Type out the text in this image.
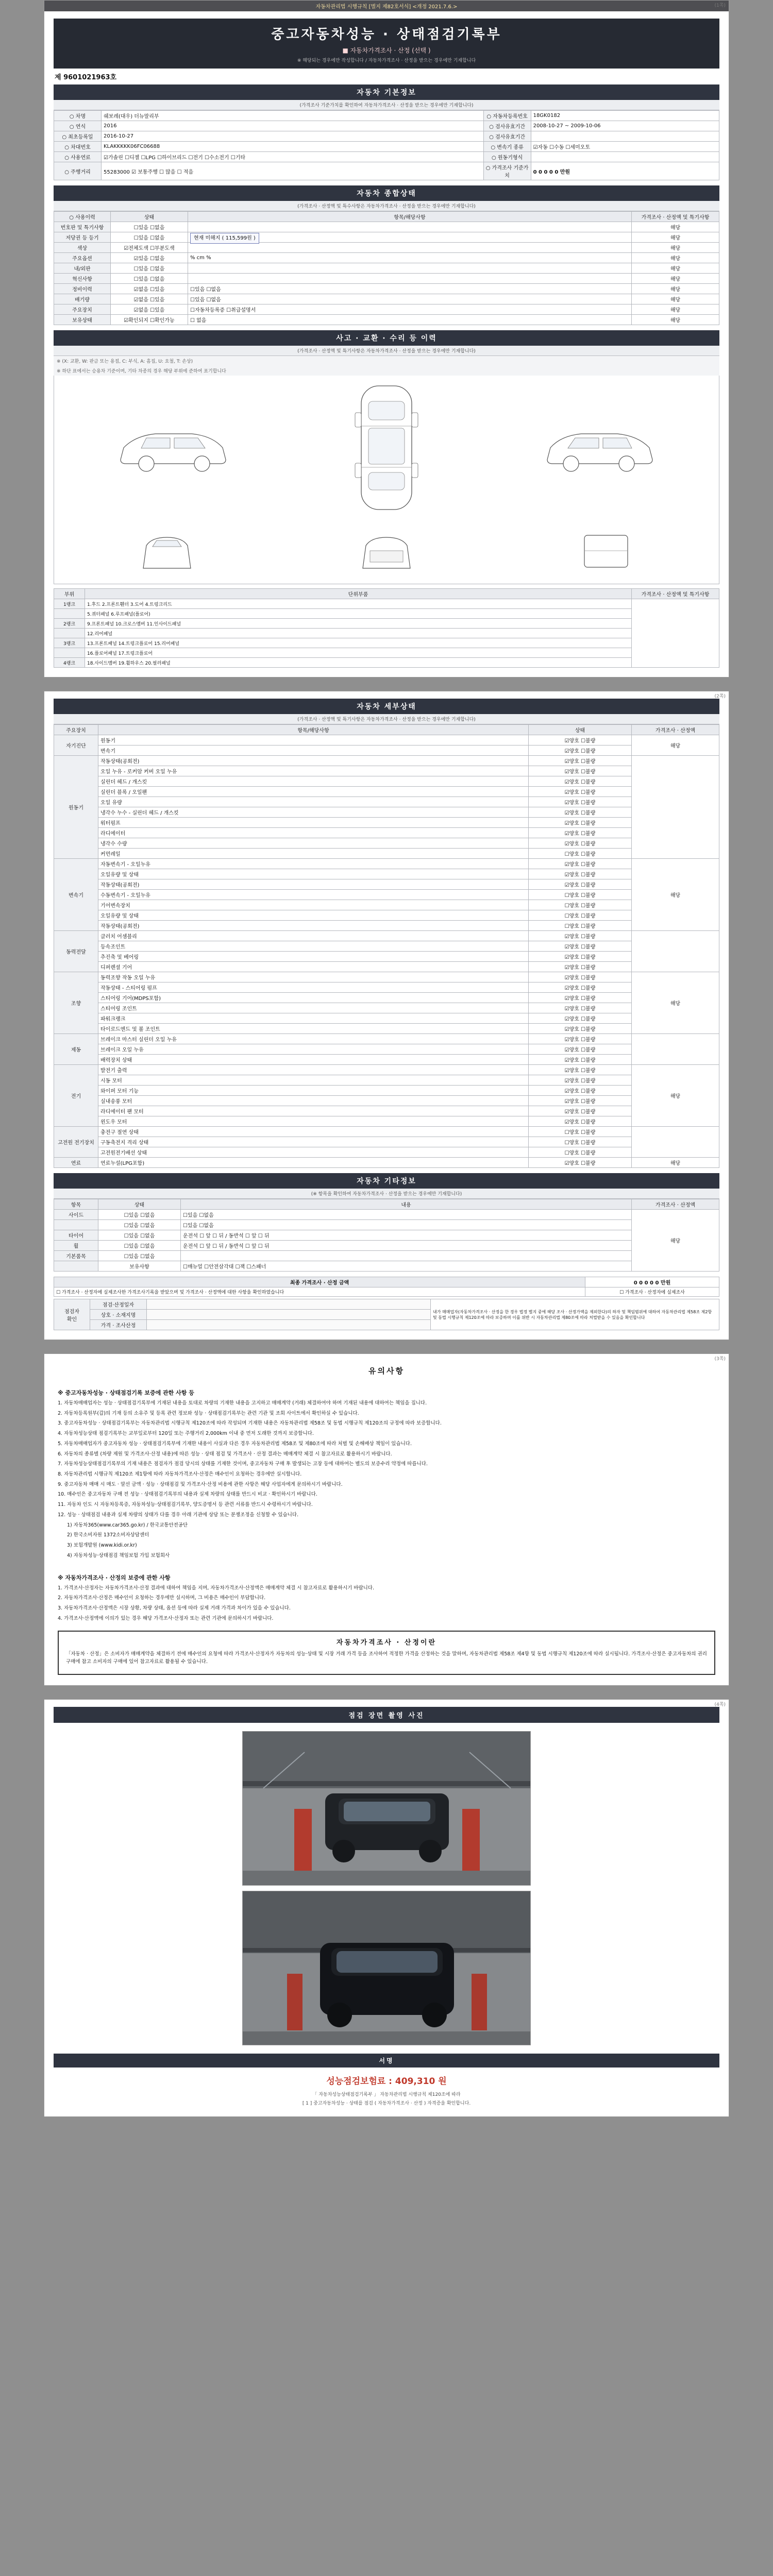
자동차관리법 시행규칙 [별지 제82호서식] <개정 2021.7.6.>	(1쪽)
중고자동차성능 · 상태점검기록부
■ 자동차가격조사 · 산정 (선택 )
※ 해당되는 경우에만 작성합니다 / 자동차가격조사 · 산정을 받으는 경우에만 기재합니다
제 9601021963호
자동차 기본정보
(가격조사 기준가치를 확인하여 자동차가격조사 · 산정을 받으는 경우에만 기재합니다)
○ 차명	쉐보레(대우) 더뉴말리부	○ 자동차등록번호	18GK0182
○ 연식	2016	○ 검사유효기간	2008-10-27 ~ 2009-10-06
○ 최초등록일	2016-10-27	○ 검사유효기간	
○ 차대번호	KLAKKKKK06FC06688	○ 변속기 종류	☑자동 ☐수동 ☐세미오토
○ 사용연료	☑가솔린 ☐디젤 ☐LPG ☐하이브리드 ☐전기 ☐수소전기 ☐기타	○ 원동기형식	
○ 주행거리	55283000 ☑ 보통주행 ☐ 많음 ☐ 적음	○ 가격조사 기준가치	0 0 0 0 0 만원
자동차 종합상태
(가격조사 · 산정액 및 특수사항은 자동차가격조사 · 산정을 받으는 경우에만 기재합니다)
○ 사용이력	상태	항목/해당사항	가격조사 · 산정액 및 특기사항
번호판 및 특기사항	☐있음 ☐없음		해당
저당권 등 등기	☐있음 ☐없음	현재 미해지 ( 115,599원 )	해당
색상	☑전체도색 ☐부분도색		해당
주요옵션	☑있음 ☐없음	% cm %	해당
내/외판	☐있음 ☐없음		해당
혁신사항	☐있음 ☐없음		해당
정비이력	☑없음 ☐있음	☐있음 ☐없음	해당
배기량	☑없음 ☐있음	☐있음 ☐없음	해당
주요장치	☑없음 ☐있음	☐자동차등록증 ☐취급설명서	해당
보유상태	☑확인되지 ☐확인가능	☐ 없음	해당
사고 · 교환 · 수리 등 이력
(가격조사 · 산정액 및 특기사항은 자동차가격조사 · 산정을 받으는 경우에만 기재합니다)
※ (X: 교환, W: 판금 또는 용접, C: 부식, A: 흠집, U: 요철, T: 손상)
※ 하단 표에서는 승용차 기준이며, 기타 차종의 경우 해당 부위에 준하여 표기합니다
부위	단위부품	가격조사 · 산정액 및 특기사항
1랭크	1.후드 2.프론트휀더 3.도어 4.트렁크리드	
	5.쿼터패널 6.루프패널(플로어)	
2랭크	9.프론트패널 10.크로스멤버 11.인사이드패널	
	12.리어패널	
3랭크	13.프론트패널 14.트렁크플로어 15.리어패널	
	16.플로어패널 17.트렁크플로어	
4랭크	18.사이드멤버 19.휠하우스 20.필러패널	
(2쪽)
자동차 세부상태
(가격조사 · 산정액 및 특기사항은 자동차가격조사 · 산정을 받으는 경우에만 기재합니다)
주요장치	항목/해당사항	상태	가격조사 · 산정액
자기진단	원동기	☑양호 ☐불량	해당
	변속기	☑양호 ☐불량	
원동기	작동상태(공회전)	☑양호 ☐불량	
	오일 누유 - 로커암 커버 오일 누유	☑양호 ☐불량	
	실린더 헤드 / 개스킷	☑양호 ☐불량	
	실린더 블록 / 오일팬	☑양호 ☐불량	
	오일 유량	☑양호 ☐불량	
	냉각수 누수 - 실린더 헤드 / 개스킷	☑양호 ☐불량	
	워터펌프	☑양호 ☐불량	
	라디에이터	☑양호 ☐불량	
	냉각수 수량	☑양호 ☐불량	
	커먼레일	☐양호 ☐불량	
변속기	자동변속기 - 오일누유	☑양호 ☐불량	해당
	오일유량 및 상태	☑양호 ☐불량	
	작동상태(공회전)	☑양호 ☐불량	
	수동변속기 - 오일누유	☐양호 ☐불량	
	기어변속장치	☐양호 ☐불량	
	오일유량 및 상태	☐양호 ☐불량	
	작동상태(공회전)	☐양호 ☐불량	
동력전달	클러치 어셈블리	☑양호 ☐불량	
	등속조인트	☑양호 ☐불량	
	추진축 및 베어링	☑양호 ☐불량	
	디퍼렌셜 기어	☑양호 ☐불량	
조향	동력조향 작동 오일 누유	☑양호 ☐불량	해당
	작동상태 - 스티어링 펌프	☑양호 ☐불량	
	스티어링 기어(MDPS포함)	☑양호 ☐불량	
	스티어링 조인트	☑양호 ☐불량	
	파워크랭크	☑양호 ☐불량	
	타이로드엔드 및 볼 조인트	☑양호 ☐불량	
제동	브레이크 마스터 실린더 오일 누유	☑양호 ☐불량	
	브레이크 오일 누유	☑양호 ☐불량	
	배력장치 상태	☑양호 ☐불량	
전기	발전기 출력	☑양호 ☐불량	해당
	시동 모터	☑양호 ☐불량	
	와이퍼 모터 기능	☑양호 ☐불량	
	실내송풍 모터	☑양호 ☐불량	
	라디에이터 팬 모터	☑양호 ☐불량	
	윈도우 모터	☑양호 ☐불량	
고전원 전기장치	충전구 절연 상태	☐양호 ☐불량	
	구동축전지 격리 상태	☐양호 ☐불량	
	고전원전기배선 상태	☐양호 ☐불량	
연료	연료누설(LPG포함)	☑양호 ☐불량	해당
자동차 기타정보
(※ 항목을 확인하여 자동차가격조사 · 산정을 받으는 경우에만 기재합니다)
항목	상태	내용	가격조사 · 산정액
사이드	☐있음 ☐없음	☐있음 ☐없음	해당
	☐있음 ☐없음	☐있음 ☐없음	
타이어	☐있음 ☐없음	운전석 ☐ 앞 ☐ 뒤 / 동반석 ☐ 앞 ☐ 뒤	
휠	☐있음 ☐없음	운전석 ☐ 앞 ☐ 뒤 / 동반석 ☐ 앞 ☐ 뒤	
기본품목	☐있음 ☐없음		
	보유사항	☐매뉴얼 ☐안전삼각대 ☐잭 ☐스패너	
최종 가격조사 · 산정 금액	0 0 0 0 0 만원
☐ 가격조사 · 산정자에 실제조사한 가격조사기록을 받았으며 및 가격조사 · 산정액에 대한 사항을 확인하였습니다	☐ 가격조사 · 산정자에 실제조사
점검자
확인	점검·산정일자		내가 매매업자(자동차가격조사 · 산정을 한 경우 법정 별지 중에 해당 조사 · 산정가액을 제외한다)의 하자 및 책임범위에 대하여 자동차관리법 제58조 제2항 및 동법 시행규칙 제120조에 따라 보증하며 이를 위반 시 자동차관리법 제80조에 따라 처벌받을 수 있음을 확인합니다
	상호 · 소재지명		
	가격 · 조사산정		
(3쪽)
유의사항
※ 중고자동차성능 · 상태점검기록 보증에 관한 사항 등

1. 자동차매매업자는 성능 · 상태점검기록부에 기재된 내용을 토대로 차량의 기재한 내용을 고지하고 매매계약 (거래) 체결하여야 하며 기재된 내용에 대하여는 책임을 집니다.

2. 자동차등록원부(갑)의 기재 등의 소유주 및 등록 관련 정보와 성능 · 상태점검기록부는 관련 기관 및 조회 사이트에서 확인하실 수 있습니다.

3. 중고자동차성능 · 상태점검기록부는 자동차관리법 시행규칙 제120조에 따라 작성되며 기재한 내용은 자동차관리법 제58조 및 동법 시행규칙 제120조의 규정에 따라 보증합니다.

4. 자동차성능상태 점검기록부는 교부일로부터 120일 또는 주행거리 2,000km 이내 중 먼저 도래한 것까지 보증합니다.

5. 자동차매매업자가 중고자동차 성능 · 상태점검기록부에 기재한 내용이 사실과 다른 경우 자동차관리법 제58조 및 제80조에 따라 처벌 및 손해배상 책임이 있습니다.

6. 자동차의 종류별 (차량 제원 및 가격조사·산정 내용)에 따른 성능 · 상태 점검 및 가격조사 · 산정 결과는 매매계약 체결 시 참고자료로 활용하시기 바랍니다.

7. 자동차성능상태점검기록부의 기재 내용은 점검자가 점검 당시의 상태를 기재한 것이며, 중고자동차 구매 후 발생되는 고장 등에 대하여는 별도의 보증수리 약정에 따릅니다.

8. 자동차관리법 시행규칙 제120조 제1항에 따라 자동차가격조사·산정은 매수인이 요청하는 경우에만 실시합니다.

9. 중고자동차 매매 시 매도 · 알선 금액 · 성능 · 상태점검 및 가격조사·산정 비용에 관한 사항은 해당 사업자에게 문의하시기 바랍니다.

10. 매수인은 중고자동차 구매 전 성능 · 상태점검기록부의 내용과 실제 차량의 상태를 반드시 비교 · 확인하시기 바랍니다.

11. 자동차 인도 시 자동차등록증, 자동차성능·상태점검기록부, 양도증명서 등 관련 서류를 반드시 수령하시기 바랍니다.

12. 성능 · 상태점검 내용과 실제 차량의 상태가 다를 경우 아래 기관에 상담 또는 분쟁조정을 신청할 수 있습니다.

1) 자동차365(www.car365.go.kr) / 한국교통안전공단

2) 한국소비자원 1372소비자상담센터

3) 보험개발원 (www.kidi.or.kr)

4) 자동차성능·상태점검 책임보험 가입 보험회사

※ 자동차가격조사 · 산정의 보증에 관한 사항

1. 가격조사·산정자는 자동차가격조사·산정 결과에 대하여 책임을 지며, 자동차가격조사·산정액은 매매계약 체결 시 참고자료로 활용하시기 바랍니다.

2. 자동차가격조사·산정은 매수인이 요청하는 경우에만 실시하며, 그 비용은 매수인이 부담합니다.

3. 자동차가격조사·산정액은 시장 상황, 차량 상태, 옵션 등에 따라 실제 거래 가격과 차이가 있을 수 있습니다.

4. 가격조사·산정액에 이의가 있는 경우 해당 가격조사·산정자 또는 관련 기관에 문의하시기 바랍니다.

자동차가격조사 · 산정이란
「자동차 · 산정」은 소비자가 매매계약을 체결하기 전에 매수인의 요청에 따라 가격조사·산정자가 자동차의 성능·상태 및 시장 거래 가격 등을 조사하여 적정한 가격을 산정하는 것을 말하며, 자동차관리법 제58조 제4항 및 동법 시행규칙 제120조에 따라 실시됩니다. 가격조사·산정은 중고자동차의 권리 구매에 참고 소비자의 구매에 있어 참고자료로 활용될 수 있습니다.
(4쪽)
점검 장면 촬영 사진
서명
성능점검보험료 : 409,310 원
「 자동차성능상태점검기록부 」 자동차관리법 시행규칙 제120조에 따라
[ 1 ] 중고자동차성능 · 상태를 점검 ( 자동차가격조사 · 산정 ) 자격증을 확인합니다.
